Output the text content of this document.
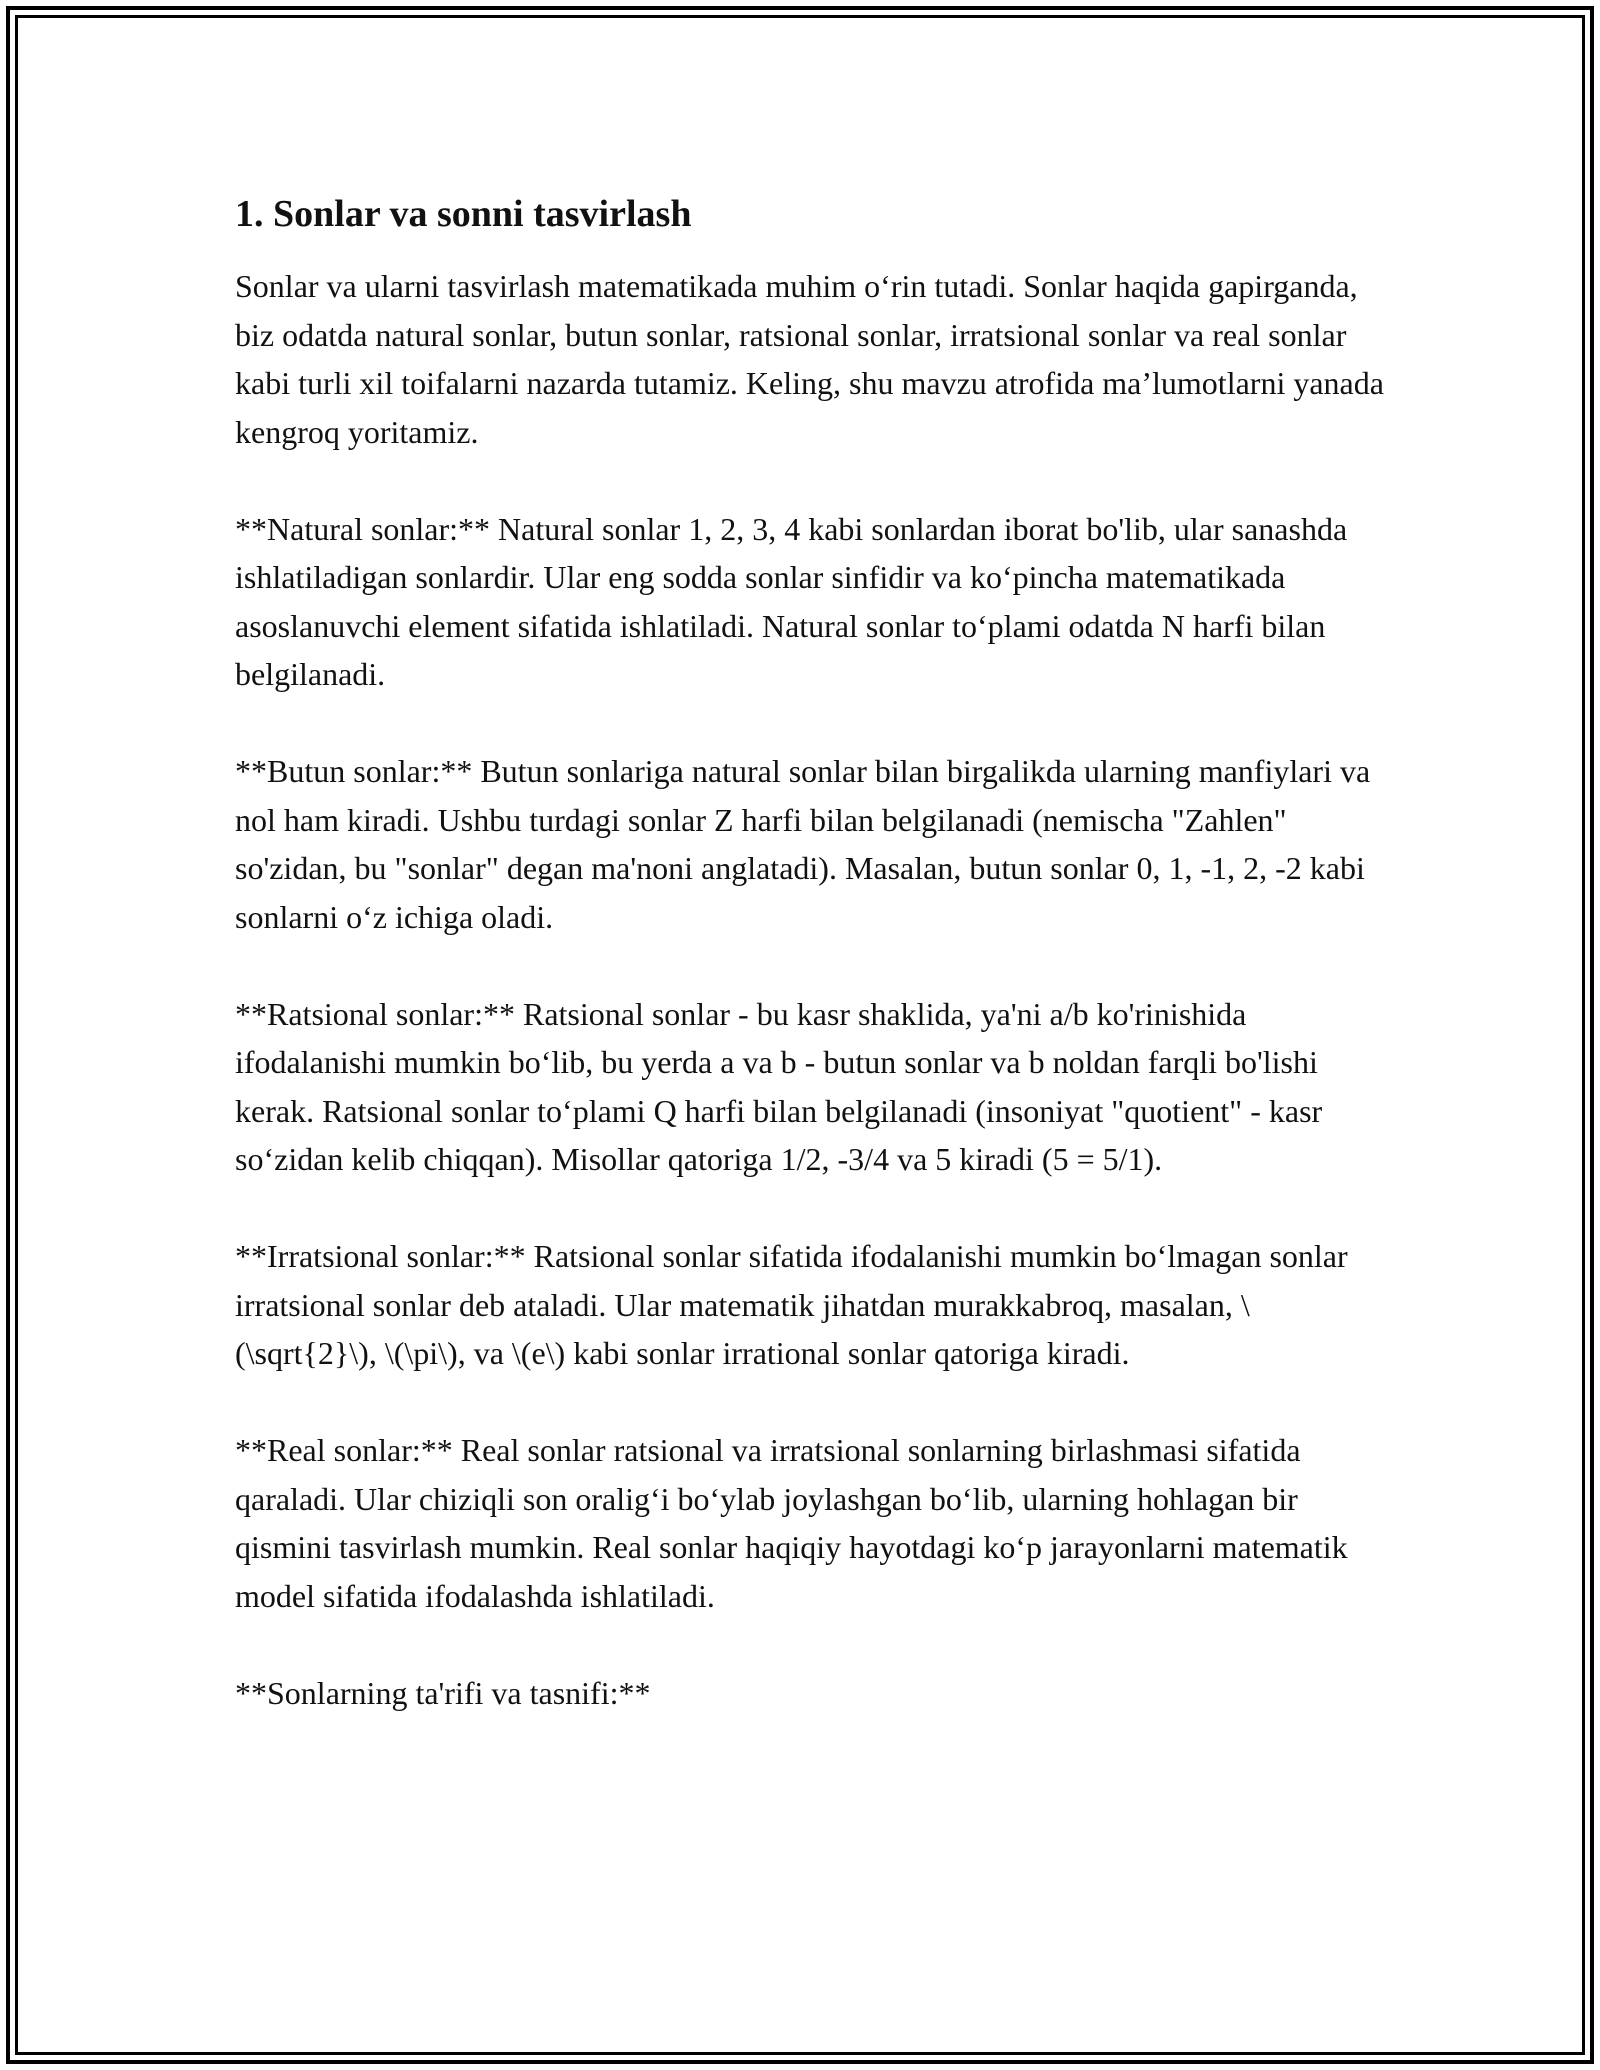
1. Sonlar va sonni tasvirlash

Sonlar va ularni tasvirlash matematikada muhim o‘rin tutadi. Sonlar haqida gapirganda, biz odatda natural sonlar, butun sonlar, ratsional sonlar, irratsional sonlar va real sonlar kabi turli xil toifalarni nazarda tutamiz. Keling, shu mavzu atrofida ma’lumotlarni yanada kengroq yoritamiz.

**Natural sonlar:** Natural sonlar 1, 2, 3, 4 kabi sonlardan iborat bo'lib, ular sanashda ishlatiladigan sonlardir. Ular eng sodda sonlar sinfidir va ko‘pincha matematikada asoslanuvchi element sifatida ishlatiladi. Natural sonlar to‘plami odatda N harfi bilan belgilanadi.

**Butun sonlar:** Butun sonlariga natural sonlar bilan birgalikda ularning manfiylari va nol ham kiradi. Ushbu turdagi sonlar Z harfi bilan belgilanadi (nemischa "Zahlen" so'zidan, bu "sonlar" degan ma'noni anglatadi). Masalan, butun sonlar 0, 1, -1, 2, -2 kabi sonlarni o‘z ichiga oladi.

**Ratsional sonlar:** Ratsional sonlar - bu kasr shaklida, ya'ni a/b ko'rinishida ifodalanishi mumkin bo‘lib, bu yerda a va b - butun sonlar va b noldan farqli bo'lishi kerak. Ratsional sonlar to‘plami Q harfi bilan belgilanadi (insoniyat "quotient" - kasr so‘zidan kelib chiqqan). Misollar qatoriga 1/2, -3/4 va 5 kiradi (5 = 5/1).

**Irratsional sonlar:** Ratsional sonlar sifatida ifodalanishi mumkin bo‘lmagan sonlar irratsional sonlar deb ataladi. Ular matematik jihatdan murakkabroq, masalan, \(\sqrt{2}\), \(\pi\), va \(e\) kabi sonlar irrational sonlar qatoriga kiradi.

**Real sonlar:** Real sonlar ratsional va irratsional sonlarning birlashmasi sifatida qaraladi. Ular chiziqli son oralig‘i bo‘ylab joylashgan bo‘lib, ularning hohlagan bir qismini tasvirlash mumkin. Real sonlar haqiqiy hayotdagi ko‘p jarayonlarni matematik model sifatida ifodalashda ishlatiladi.

**Sonlarning ta'rifi va tasnifi:**
